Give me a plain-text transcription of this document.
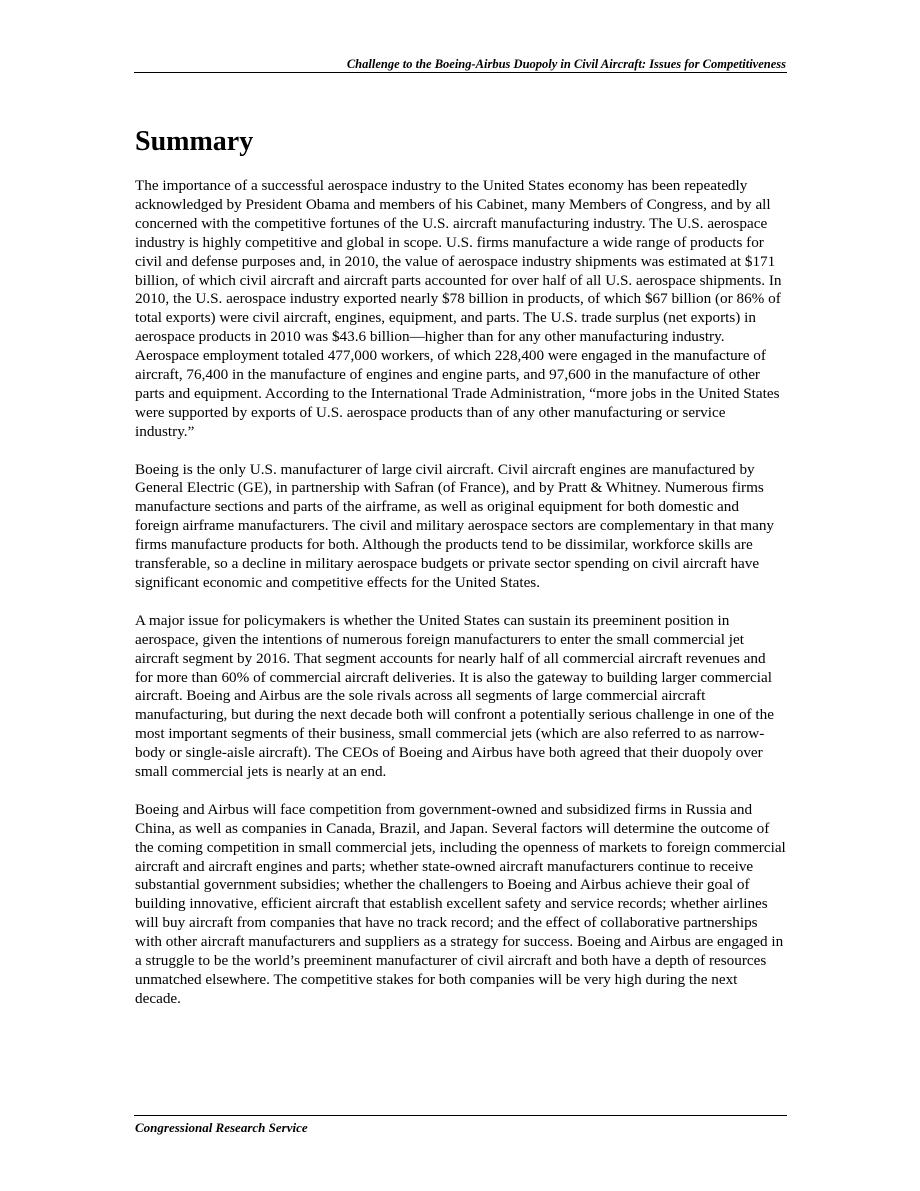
Challenge to the Boeing-Airbus Duopoly in Civil Aircraft: Issues for Competitiveness
Summary

The importance of a successful aerospace industry to the United States economy has been repeatedly acknowledged by President Obama and members of his Cabinet, many Members of Congress, and by all concerned with the competitive fortunes of the U.S. aircraft manufacturing industry. The U.S. aerospace industry is highly competitive and global in scope. U.S. firms manufacture a wide range of products for civil and defense purposes and, in 2010, the value of aerospace industry shipments was estimated at $171 billion, of which civil aircraft and aircraft parts accounted for over half of all U.S. aerospace shipments. In 2010, the U.S. aerospace industry exported nearly $78 billion in products, of which $67 billion (or 86% of total exports) were civil aircraft, engines, equipment, and parts. The U.S. trade surplus (net exports) in aerospace products in 2010 was $43.6 billion—higher than for any other manufacturing industry. Aerospace employment totaled 477,000 workers, of which 228,400 were engaged in the manufacture of aircraft, 76,400 in the manufacture of engines and engine parts, and 97,600 in the manufacture of other parts and equipment. According to the International Trade Administration, “more jobs in the United States were supported by exports of U.S. aerospace products than of any other manufacturing or service industry.”

Boeing is the only U.S. manufacturer of large civil aircraft. Civil aircraft engines are manufactured by General Electric (GE), in partnership with Safran (of France), and by Pratt & Whitney. Numerous firms manufacture sections and parts of the airframe, as well as original equipment for both domestic and foreign airframe manufacturers. The civil and military aerospace sectors are complementary in that many firms manufacture products for both. Although the products tend to be dissimilar, workforce skills are transferable, so a decline in military aerospace budgets or private sector spending on civil aircraft have significant economic and competitive effects for the United States.

A major issue for policymakers is whether the United States can sustain its preeminent position in aerospace, given the intentions of numerous foreign manufacturers to enter the small commercial jet aircraft segment by 2016. That segment accounts for nearly half of all commercial aircraft revenues and for more than 60% of commercial aircraft deliveries. It is also the gateway to building larger commercial aircraft. Boeing and Airbus are the sole rivals across all segments of large commercial aircraft manufacturing, but during the next decade both will confront a potentially serious challenge in one of the most important segments of their business, small commercial jets (which are also referred to as narrow-body or single-aisle aircraft). The CEOs of Boeing and Airbus have both agreed that their duopoly over small commercial jets is nearly at an end.

Boeing and Airbus will face competition from government-owned and subsidized firms in Russia and China, as well as companies in Canada, Brazil, and Japan. Several factors will determine the outcome of the coming competition in small commercial jets, including the openness of markets to foreign commercial aircraft and aircraft engines and parts; whether state-owned aircraft manufacturers continue to receive substantial government subsidies; whether the challengers to Boeing and Airbus achieve their goal of building innovative, efficient aircraft that establish excellent safety and service records; whether airlines will buy aircraft from companies that have no track record; and the effect of collaborative partnerships with other aircraft manufacturers and suppliers as a strategy for success. Boeing and Airbus are engaged in a struggle to be the world’s preeminent manufacturer of civil aircraft and both have a depth of resources unmatched elsewhere. The competitive stakes for both companies will be very high during the next decade.

Congressional Research Service
